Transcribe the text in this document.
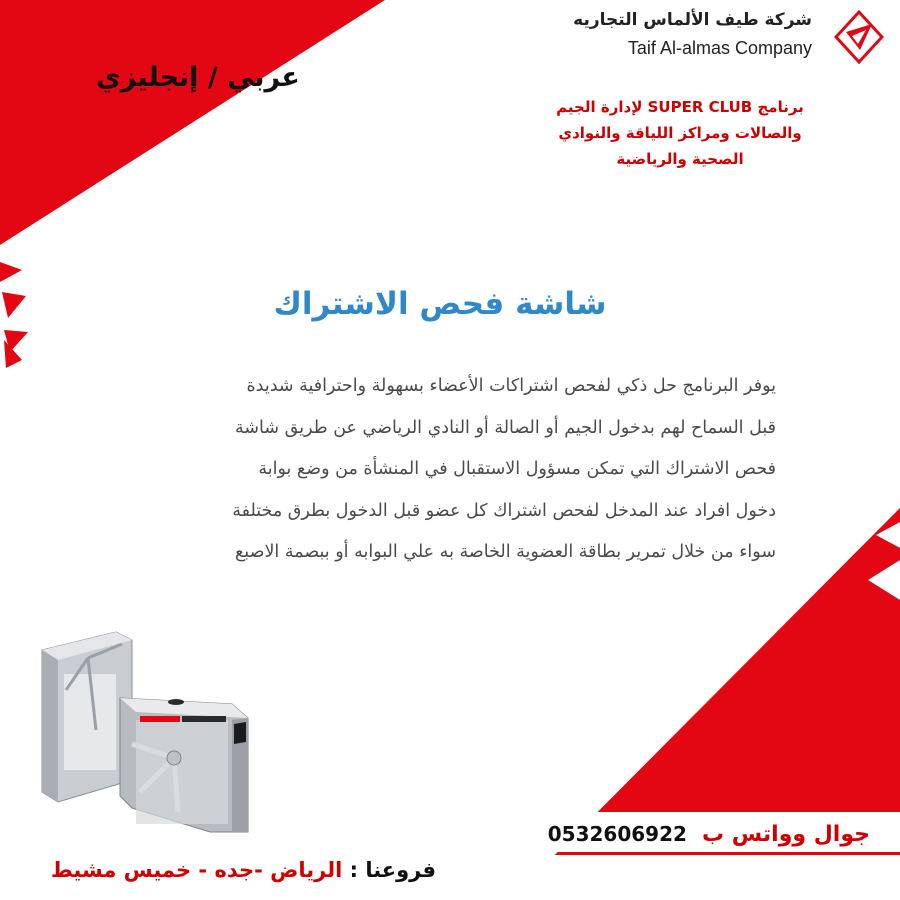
شركة طيف الألماس التجاريه
Taif Al-almas Company
عربي / إنجليزي
برنامج SUPER CLUB لإدارة الجيم
والصالات ومراكز اللياقة والنوادي
الصحية والرياضية
شاشة فحص الاشتراك
يوفر البرنامج حل ذكي لفحص اشتراكات الأعضاء بسهولة واحترافية شديدة
قبل السماح لهم بدخول الجيم أو الصالة أو النادي الرياضي عن طريق شاشة
فحص الاشتراك التي تمكن مسؤول الاستقبال في المنشأة من وضع بوابة
دخول افراد عند المدخل لفحص اشتراك كل عضو قبل الدخول بطرق مختلفة
سواء من خلال تمرير بطاقة العضوية الخاصة به علي البوابه أو ببصمة الاصبع
جوال وواتس ب 0532606922
فروعنا : الرياض -جده - خميس مشيط
